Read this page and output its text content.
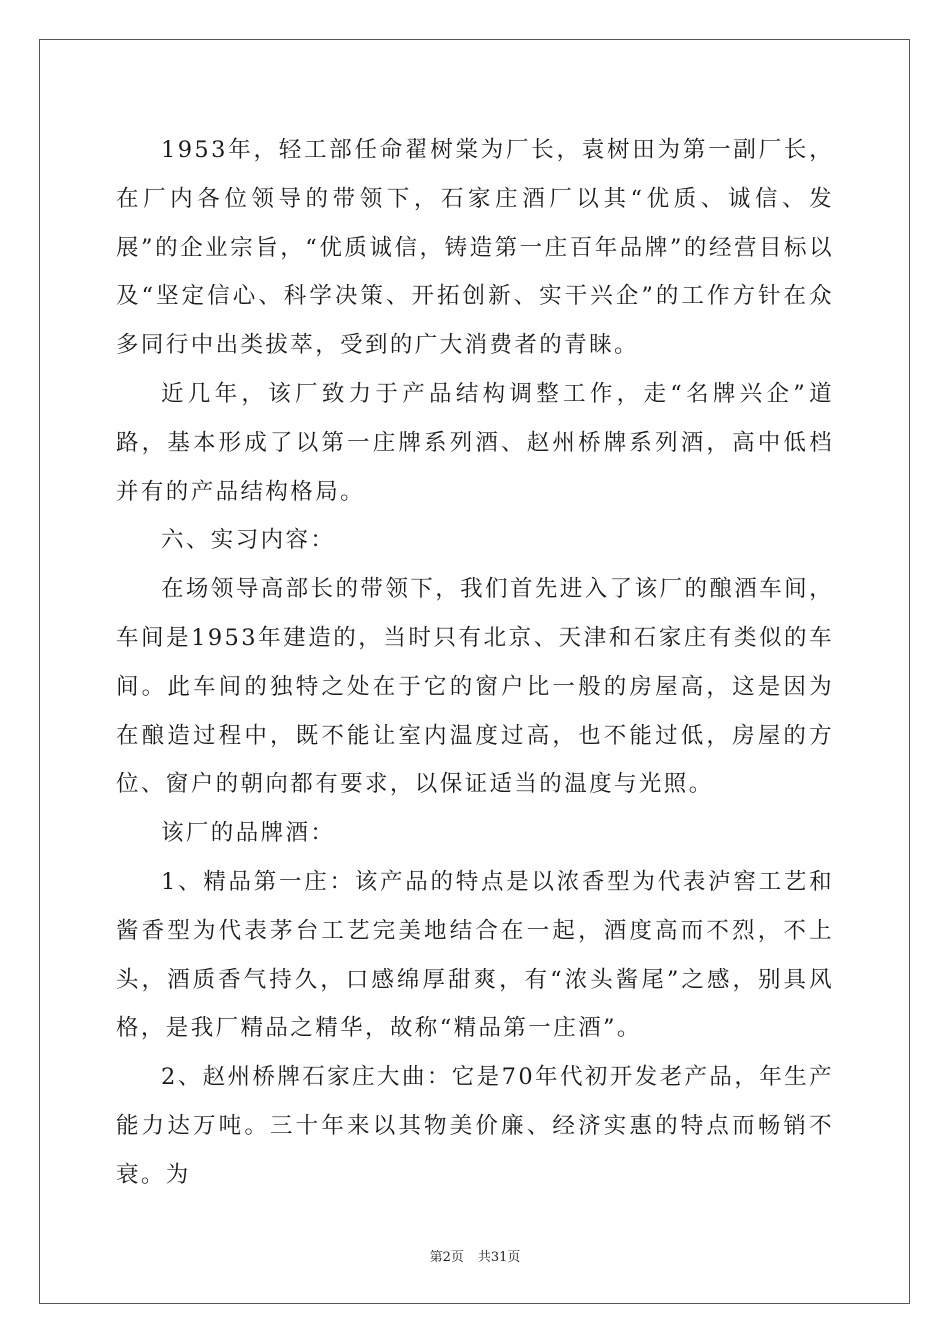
1953年，轻工部任命翟树棠为厂长，袁树田为第一副厂长，在厂内各位领导的带领下，石家庄酒厂以其“优质、诚信、发展”的企业宗旨，“优质诚信，铸造第一庄百年品牌”的经营目标以及“坚定信心、科学决策、开拓创新、实干兴企”的工作方针在众多同行中出类拔萃，受到的广大消费者的青睐。

近几年，该厂致力于产品结构调整工作，走“名牌兴企”道路，基本形成了以第一庄牌系列酒、赵州桥牌系列酒，高中低档并有的产品结构格局。

六、实习内容：

在场领导高部长的带领下，我们首先进入了该厂的酿酒车间，车间是1953年建造的，当时只有北京、天津和石家庄有类似的车间。此车间的独特之处在于它的窗户比一般的房屋高，这是因为在酿造过程中，既不能让室内温度过高，也不能过低，房屋的方位、窗户的朝向都有要求，以保证适当的温度与光照。

该厂的品牌酒：

1、精品第一庄：该产品的特点是以浓香型为代表泸窖工艺和酱香型为代表茅台工艺完美地结合在一起，酒度高而不烈，不上头，酒质香气持久，口感绵厚甜爽，有“浓头酱尾”之感，别具风格，是我厂精品之精华，故称“精品第一庄酒”。

2、赵州桥牌石家庄大曲：它是70年代初开发老产品，年生产能力达万吨。三十年来以其物美价廉、经济实惠的特点而畅销不衰。为

第2页 共31页
